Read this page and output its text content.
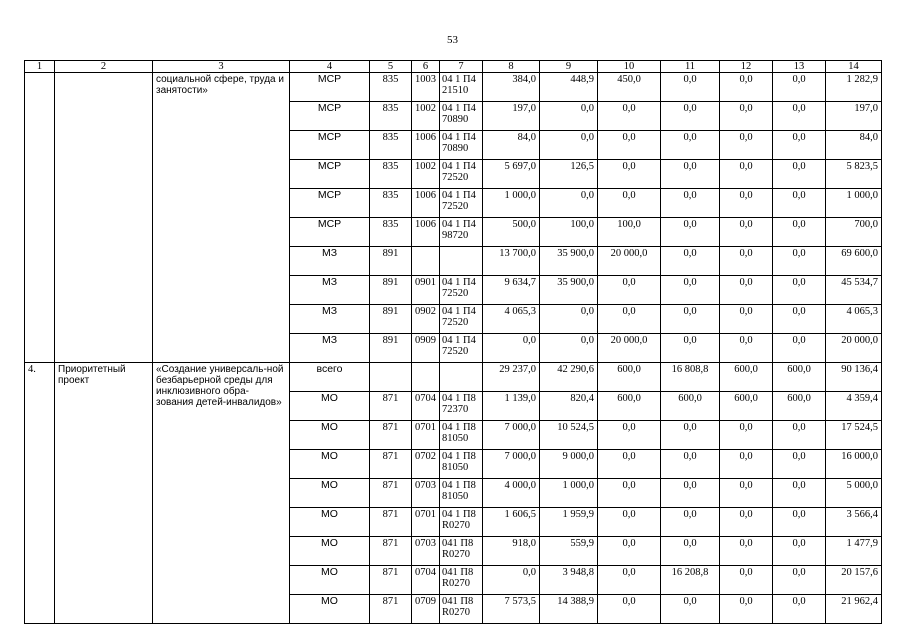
53
1	2	3	4	5	6	7	8	9	10	11	12	13	14
		социальной сфере, труда и занятости»	МСР	835	1003	04 1 П4 21510	384,0	448,9	450,0	0,0	0,0	0,0	1 282,9
			МСР	835	1002	04 1 П4 70890	197,0	0,0	0,0	0,0	0,0	0,0	197,0
			МСР	835	1006	04 1 П4 70890	84,0	0,0	0,0	0,0	0,0	0,0	84,0
			МСР	835	1002	04 1 П4 72520	5 697,0	126,5	0,0	0,0	0,0	0,0	5 823,5
			МСР	835	1006	04 1 П4 72520	1 000,0	0,0	0,0	0,0	0,0	0,0	1 000,0
			МСР	835	1006	04 1 П4 98720	500,0	100,0	100,0	0,0	0,0	0,0	700,0
			МЗ	891			13 700,0	35 900,0	20 000,0	0,0	0,0	0,0	69 600,0
			МЗ	891	0901	04 1 П4 72520	9 634,7	35 900,0	0,0	0,0	0,0	0,0	45 534,7
			МЗ	891	0902	04 1 П4 72520	4 065,3	0,0	0,0	0,0	0,0	0,0	4 065,3
			МЗ	891	0909	04 1 П4 72520	0,0	0,0	20 000,0	0,0	0,0	0,0	20 000,0
4.	Приоритетный проект	«Создание универсаль-ной безбарьерной среды для инклюзивного обра-зования детей-инвалидов»	всего				29 237,0	42 290,6	600,0	16 808,8	600,0	600,0	90 136,4
			МО	871	0704	04 1 П8 72370	1 139,0	820,4	600,0	600,0	600,0	600,0	4 359,4
			МО	871	0701	04 1 П8 81050	7 000,0	10 524,5	0,0	0,0	0,0	0,0	17 524,5
			МО	871	0702	04 1 П8 81050	7 000,0	9 000,0	0,0	0,0	0,0	0,0	16 000,0
			МО	871	0703	04 1 П8 81050	4 000,0	1 000,0	0,0	0,0	0,0	0,0	5 000,0
			МО	871	0701	04 1 П8 R0270	1 606,5	1 959,9	0,0	0,0	0,0	0,0	3 566,4
			МО	871	0703	041 П8 R0270	918,0	559,9	0,0	0,0	0,0	0,0	1 477,9
			МО	871	0704	041 П8 R0270	0,0	3 948,8	0,0	16 208,8	0,0	0,0	20 157,6
			МО	871	0709	041 П8 R0270	7 573,5	14 388,9	0,0	0,0	0,0	0,0	21 962,4
